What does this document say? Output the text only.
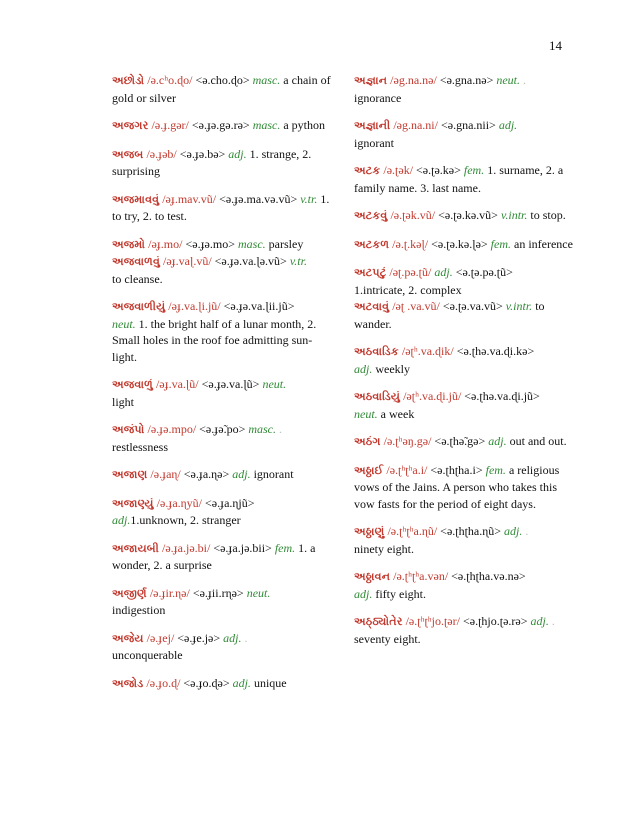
14

અછોડો /ə.cʰo.ɖo/ <ə.cho.ɖo> masc. a chain of gold or silver

અજગર /ə.ɟ.gər/ <ə.ɟə.gə.rə> masc. a python

અજબ /ə.ɟəb/ <ə.ɟə.bə> adj. 1. strange, 2. surprising

અજમાવવું /əɟ.mav.vũ/ <ə.ɟə.ma.və.vũ> v.tr. 1. to try, 2. to test.

અજમો /əɟ.mo/ <ə.ɟə.mo> masc. parsley

અજવાળવું /əɟ.vaɭ.vũ/ <ə.ɟə.va.ɭə.vũ> v.tr.
to cleanse.

અજવાળીયું /əɟ.va.ɭi.jũ/ <ə.ɟə.va.ɭii.jũ>
neut. 1. the bright half of a lunar month, 2. Small holes in the roof foe admitting sun-light.

અજવાળું /əɟ.va.ɭũ/ <ə.ɟə.va.ɭũ> neut.
light

અજંપો /ə.ɟə.mpo/ <ə.ɟə̃.po> masc. .
restlessness

અજાણ /ə.ɟaɳ/ <ə.ɟa.ɳə> adj. ignorant

અજાણ્યું /ə.ɟa.ɳyũ/ <ə.ɟa.ɳjũ>
adj.1.unknown, 2. stranger

અજાયબી /ə.ɟa.jə.bi/ <ə.ɟa.jə.bii> fem. 1. a wonder, 2. a surprise

અજીર્ણ /ə.ɟir.ɳə/ <ə.ɟii.rɳə> neut.
indigestion

અજેય /ə.ɟej/ <ə.ɟe.jə> adj. .
unconquerable

અજોડ /ə.ɟo.ɖ/ <ə.ɟo.ɖə> adj. unique

અજ્ઞાન /əg.na.nə/ <ə.gna.nə> neut. .
ignorance

અજ્ઞાની /əg.na.ni/ <ə.gna.nii> adj.
ignorant

અટક /ə.ʈək/ <ə.ʈə.kə> fem. 1. surname, 2. a family name. 3. last name.

અટકવું /ə.ʈək.vũ/ <ə.ʈə.kə.vũ> v.intr. to stop.

અટકળ /ə.ʈ.kəɭ/ <ə.ʈə.kə.ɭə> fem. an inference

અટપટું /əʈ.pə.ʈũ/ adj. <ə.ʈə.pə.ʈũ>
1.intricate, 2. complex

અટવાવું /əʈ .va.vũ/ <ə.ʈə.va.vũ> v.intr. to wander.

અઠવાડિક /əʈʰ.va.ɖik/ <ə.ʈhə.va.ɖi.kə>
adj. weekly

અઠવાડિયું /əʈʰ.va.ɖi.jũ/ <ə.ʈhə.va.ɖi.jũ>
neut. a week

અઠંગ /ə.ʈʰəŋ.gə/ <ə.ʈhə̃.gə> adj. out and out.

અઠ્ઠાઈ /ə.ʈʰʈʰa.i/ <ə.ʈhʈha.i> fem. a religious vows of the Jains. A person who takes this vow fasts for the period of eight days.

અઠ્ઠાણું /ə.ʈʰʈʰa.ɳũ/ <ə.ʈhʈha.ɳũ> adj. .
ninety eight.

અઠ્ઠાવન /ə.ʈʰʈʰa.vən/ <ə.ʈhʈha.və.nə>
adj. fifty eight.

અઠ્ઠ્યોતેર /ə.ʈʰʈʰjo.ʈər/ <ə.ʈhjo.ʈə.rə> adj. .
seventy eight.
